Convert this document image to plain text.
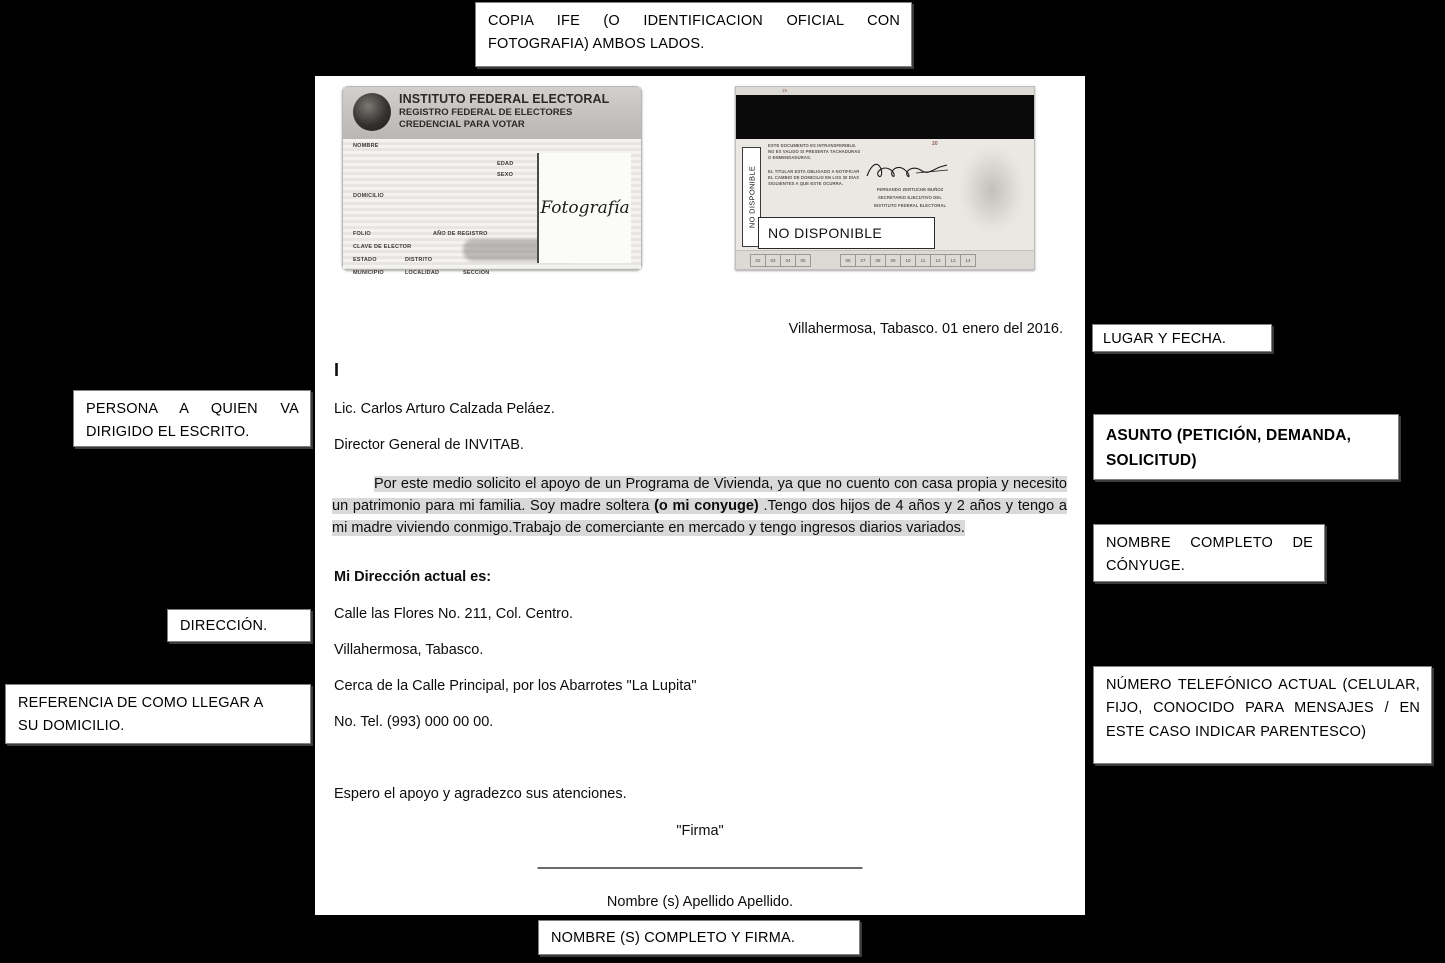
COPIA IFE (O IDENTIFICACION OFICIAL CON FOTOGRAFIA) AMBOS LADOS.
PERSONA A QUIEN VA
DIRIGIDO EL ESCRITO.
DIRECCIÓN.
REFERENCIA DE COMO LLEGAR A
SU DOMICILIO.
LUGAR Y FECHA.
ASUNTO (PETICIÓN, DEMANDA,
SOLICITUD)
NOMBRE COMPLETO DE
CÓNYUGE.
NÚMERO TELEFÓNICO ACTUAL (CELULAR, FIJO, CONOCIDO PARA MENSAJES / EN ESTE CASO INDICAR PARENTESCO)
NOMBRE (S) COMPLETO Y FIRMA.
INSTITUTO FEDERAL ELECTORAL
REGISTRO FEDERAL DE ELECTORES
CREDENCIAL PARA VOTAR
NOMBRE
EDAD
SEXO
DOMICILIO
FOLIO	AÑO DE REGISTRO
CLAVE DE ELECTOR
ESTADO	DISTRITO
MUNICIPIO	LOCALIDAD	SECCION
Fotografía
15
ESTE DOCUMENTO ES INTRANSFERIBLE. NO ES VALIDO SI PRESENTA TACHADURAS O ENMENDADURAS.
EL TITULAR ESTA OBLIGADO A NOTIFICAR EL CAMBIO DE DOMICILIO EN LOS 30 DIAS SIGUIENTES A QUE ESTE OCURRA.
20
FERNANDO ZERTUCHE MUÑOZ
SECRETARIO EJECUTIVO DEL
INSTITUTO FEDERAL ELECTORAL
NO DISPONIBLE
NO DISPONIBLE
02	03	04	05	06	07	08	09	10	11	12	13	14
Villahermosa, Tabasco. 01 enero del 2016.
I
Lic. Carlos Arturo Calzada Peláez.
Director General de INVITAB.
Por este medio solicito el apoyo de un Programa de Vivienda, ya que no cuento con casa propia y necesito un patrimonio para mi familia. Soy madre soltera (o mi conyuge) .Tengo dos hijos de 4 años y 2 años y tengo a mi madre viviendo conmigo.Trabajo de comerciante en mercado y tengo ingresos diarios variados.
Mi Dirección actual es:
Calle las Flores No. 211, Col. Centro.
Villahermosa, Tabasco.
Cerca de la Calle Principal, por los Abarrotes "La Lupita"
No. Tel. (993) 000 00 00.
Espero el apoyo y agradezco sus atenciones.
"Firma"
Nombre (s) Apellido Apellido.
